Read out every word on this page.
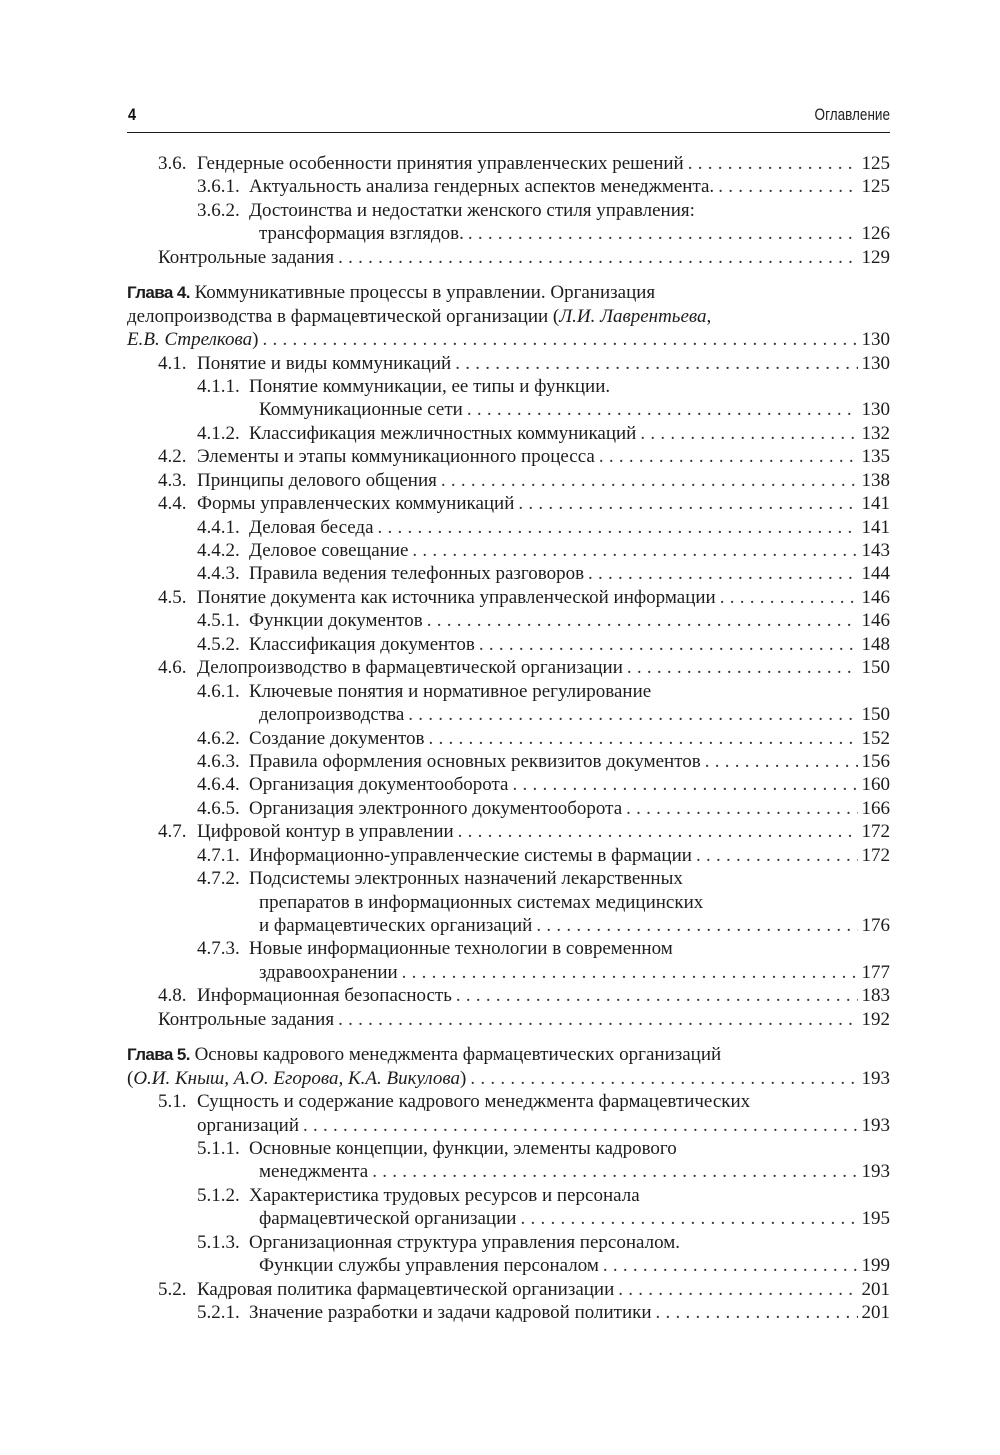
4	Оглавление
3.6. Гендерные особенности принятия управленческих решений . . .	125
3.6.1. Актуальность анализа гендерных аспектов менеджмента. . . .	125
3.6.2. Достоинства и недостатки женского стиля управления:
трансформация взглядов. . . .	126
Контрольные задания . . .	129
Глава 4.
Коммуникативные процессы в управлении. Организация
делопроизводства в фармацевтической организации ( Л.И. Лаврентьева ,
Е.В. Стрелкова ) . . .	130
4.1. Понятие и виды коммуникаций . . .	130
4.1.1. Понятие коммуникации, ее типы и функции.
Коммуникационные сети . . .	130
4.1.2. Классификация межличностных коммуникаций . . .	132
4.2. Элементы и этапы коммуникационного процесса . . .	135
4.3. Принципы делового общения . . .	138
4.4. Формы управленческих коммуникаций . . .	141
4.4.1. Деловая беседа . . .	141
4.4.2. Деловое совещание . . .	143
4.4.3. Правила ведения телефонных разговоров . . .	144
4.5. Понятие документа как источника управленческой информации . . .	146
4.5.1. Функции документов . . .	146
4.5.2. Классификация документов . . .	148
4.6. Делопроизводство в фармацевтической организации . . .	150
4.6.1. Ключевые понятия и нормативное регулирование
делопроизводства . . .	150
4.6.2. Создание документов . . .	152
4.6.3. Правила оформления основных реквизитов документов . . .	156
4.6.4. Организация документооборота . . .	160
4.6.5. Организация электронного документооборота . . .	166
4.7. Цифровой контур в управлении . . .	172
4.7.1. Информационно-управленческие системы в фармации . . .	172
4.7.2. Подсистемы электронных назначений лекарственных
препаратов в информационных системах медицинских
и фармацевтических организаций . . .	176
4.7.3. Новые информационные технологии в современном
здравоохранении . . .	177
4.8. Информационная безопасность . . .	183
Контрольные задания . . .	192
Глава 5.
Основы кадрового менеджмента фармацевтических организаций
( О.И. Кныш, А.О. Егорова, К.А. Викулова ) . . .	193
5.1. Сущность и содержание кадрового менеджмента фармацевтических
организаций . . .	193
5.1.1. Основные концепции, функции, элементы кадрового
менеджмента . . .	193
5.1.2. Характеристика трудовых ресурсов и персонала
фармацевтической организации . . .	195
5.1.3. Организационная структура управления персоналом.
Функции службы управления персоналом . . .	199
5.2. Кадровая политика фармацевтической организации . . .	201
5.2.1. Значение разработки и задачи кадровой политики . . .	201
